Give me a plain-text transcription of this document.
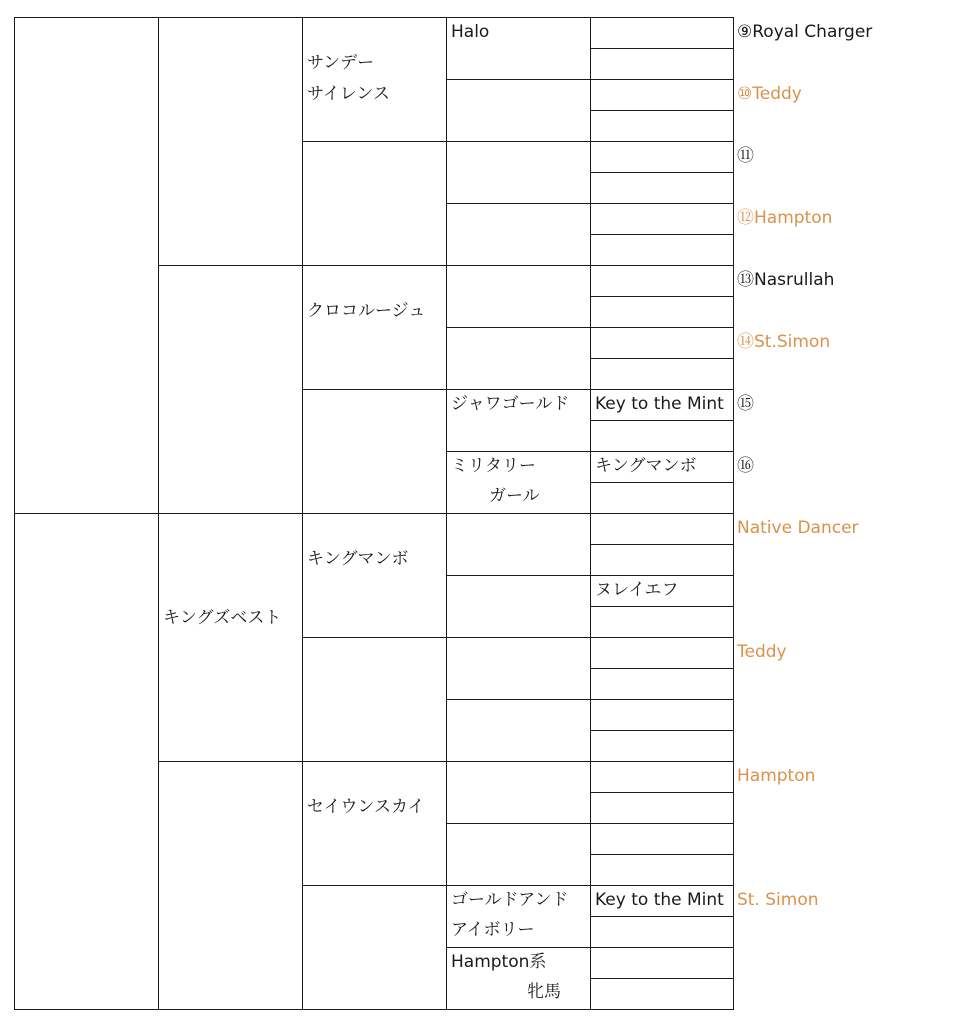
キングズベスト
サンデー
サイレンス
クロコルージュ
キングマンボ
セイウンスカイ
Halo
ジャワゴールド
ミリタリー
ガール
ゴールドアンド
アイボリー
Hampton系
牝馬
Key to the Mint
キングマンボ
ヌレイエフ
Key to the Mint
⑨Royal Charger
⑩Teddy
⑪
⑫Hampton
⑬Nasrullah
⑭St.Simon
⑮
⑯
Native Dancer
Teddy
Hampton
St. Simon
